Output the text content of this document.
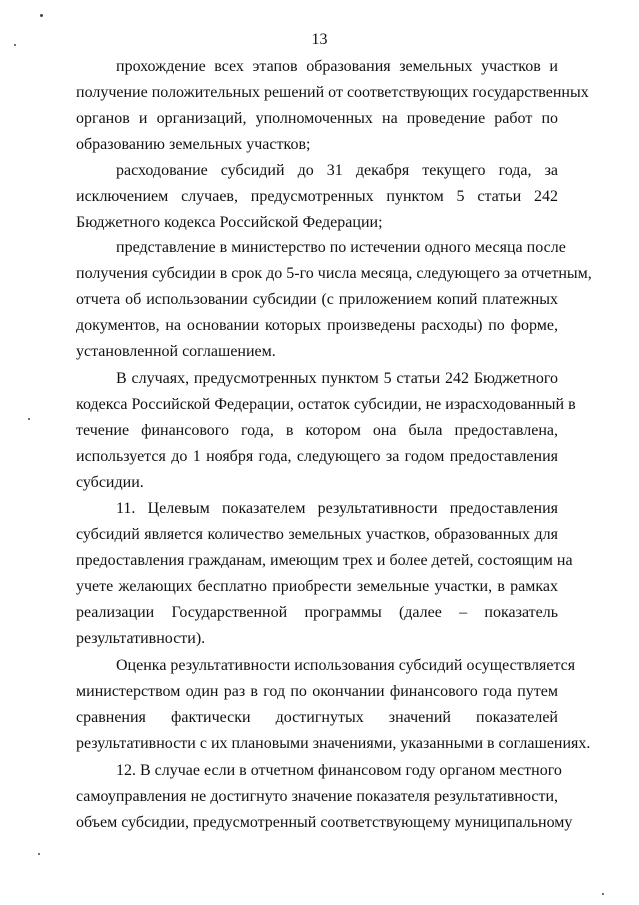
13
прохождение всех этапов образования земельных участков и
получение положительных решений от соответствующих государственных
органов и организаций, уполномоченных на проведение работ по
образованию земельных участков;
расходование субсидий до 31 декабря текущего года, за
исключением случаев, предусмотренных пунктом 5 статьи 242
Бюджетного кодекса Российской Федерации;
представление в министерство по истечении одного месяца после
получения субсидии в срок до 5-го числа месяца, следующего за отчетным,
отчета об использовании субсидии (с приложением копий платежных
документов, на основании которых произведены расходы) по форме,
установленной соглашением.
В случаях, предусмотренных пунктом 5 статьи 242 Бюджетного
кодекса Российской Федерации, остаток субсидии, не израсходованный в
течение финансового года, в котором она была предоставлена,
используется до 1 ноября года, следующего за годом предоставления
субсидии.
11. Целевым показателем результативности предоставления
субсидий является количество земельных участков, образованных для
предоставления гражданам, имеющим трех и более детей, состоящим на
учете желающих бесплатно приобрести земельные участки, в рамках
реализации Государственной программы (далее – показатель
результативности).
Оценка результативности использования субсидий осуществляется
министерством один раз в год по окончании финансового года путем
сравнения фактически достигнутых значений показателей
результативности с их плановыми значениями, указанными в соглашениях.
12. В случае если в отчетном финансовом году органом местного
самоуправления не достигнуто значение показателя результативности,
объем субсидии, предусмотренный соответствующему муниципальному
